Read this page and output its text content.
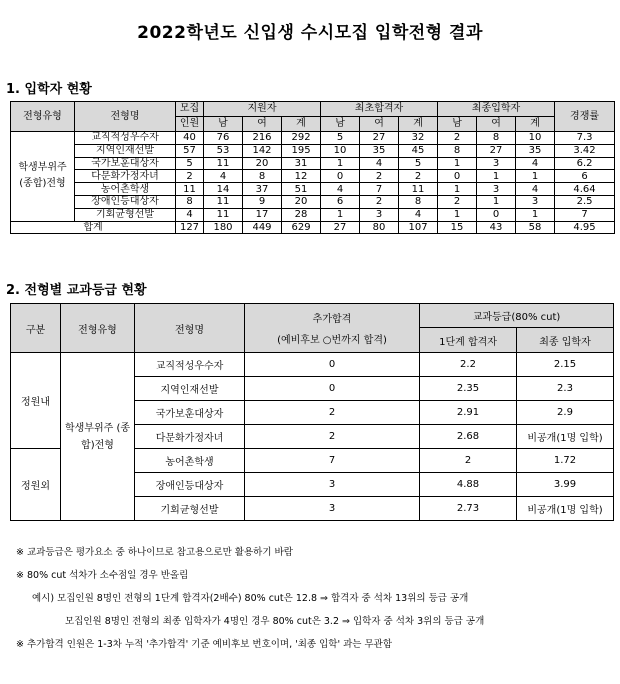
2022학년도 신입생 수시모집 입학전형 결과
1. 입학자 현황
전형유형	전형명	모집	지원자			최초합격자			최종입학자			경쟁률
		인원	남	여	계	남	여	계	남	여	계	
학생부위주 (종합)전형	교직적성우수자	40	76	216	292	5	27	32	2	8	10	7.3
	지역인재선발	57	53	142	195	10	35	45	8	27	35	3.42
	국가보훈대상자	5	11	20	31	1	4	5	1	3	4	6.2
	다문화가정자녀	2	4	8	12	0	2	2	0	1	1	6
	농어촌학생	11	14	37	51	4	7	11	1	3	4	4.64
	장애인등대상자	8	11	9	20	6	2	8	2	1	3	2.5
	기회균형선발	4	11	17	28	1	3	4	1	0	1	7
합계		127	180	449	629	27	80	107	15	43	58	4.95
2. 전형별 교과등급 현황
구분	전형유형	전형명	추가합격
(예비후보 ○번까지 합격)	교과등급(80% cut)	
				1단계 합격자	최종 입학자
정원내	학생부위주 (종합)전형	교직적성우수자	0	2.2	2.15
		지역인재선발	0	2.35	2.3
		국가보훈대상자	2	2.91	2.9
		다문화가정자녀	2	2.68	비공개(1명 입학)
정원외		농어촌학생	7	2	1.72
		장애인등대상자	3	4.88	3.99
		기회균형선발	3	2.73	비공개(1명 입학)
※ 교과등급은 평가요소 중 하나이므로 참고용으로만 활용하기 바람
※ 80% cut 석차가 소수점일 경우 반올림
예시) 모집인원 8명인 전형의 1단계 합격자(2배수) 80% cut은 12.8 ⇒ 합격자 중 석차 13위의 등급 공개
모집인원 8명인 전형의 최종 입학자가 4명인 경우 80% cut은 3.2 ⇒ 입학자 중 석차 3위의 등급 공개
※ 추가합격 인원은 1-3차 누적 '추가합격' 기준 예비후보 번호이며, '최종 입학' 과는 무관함
